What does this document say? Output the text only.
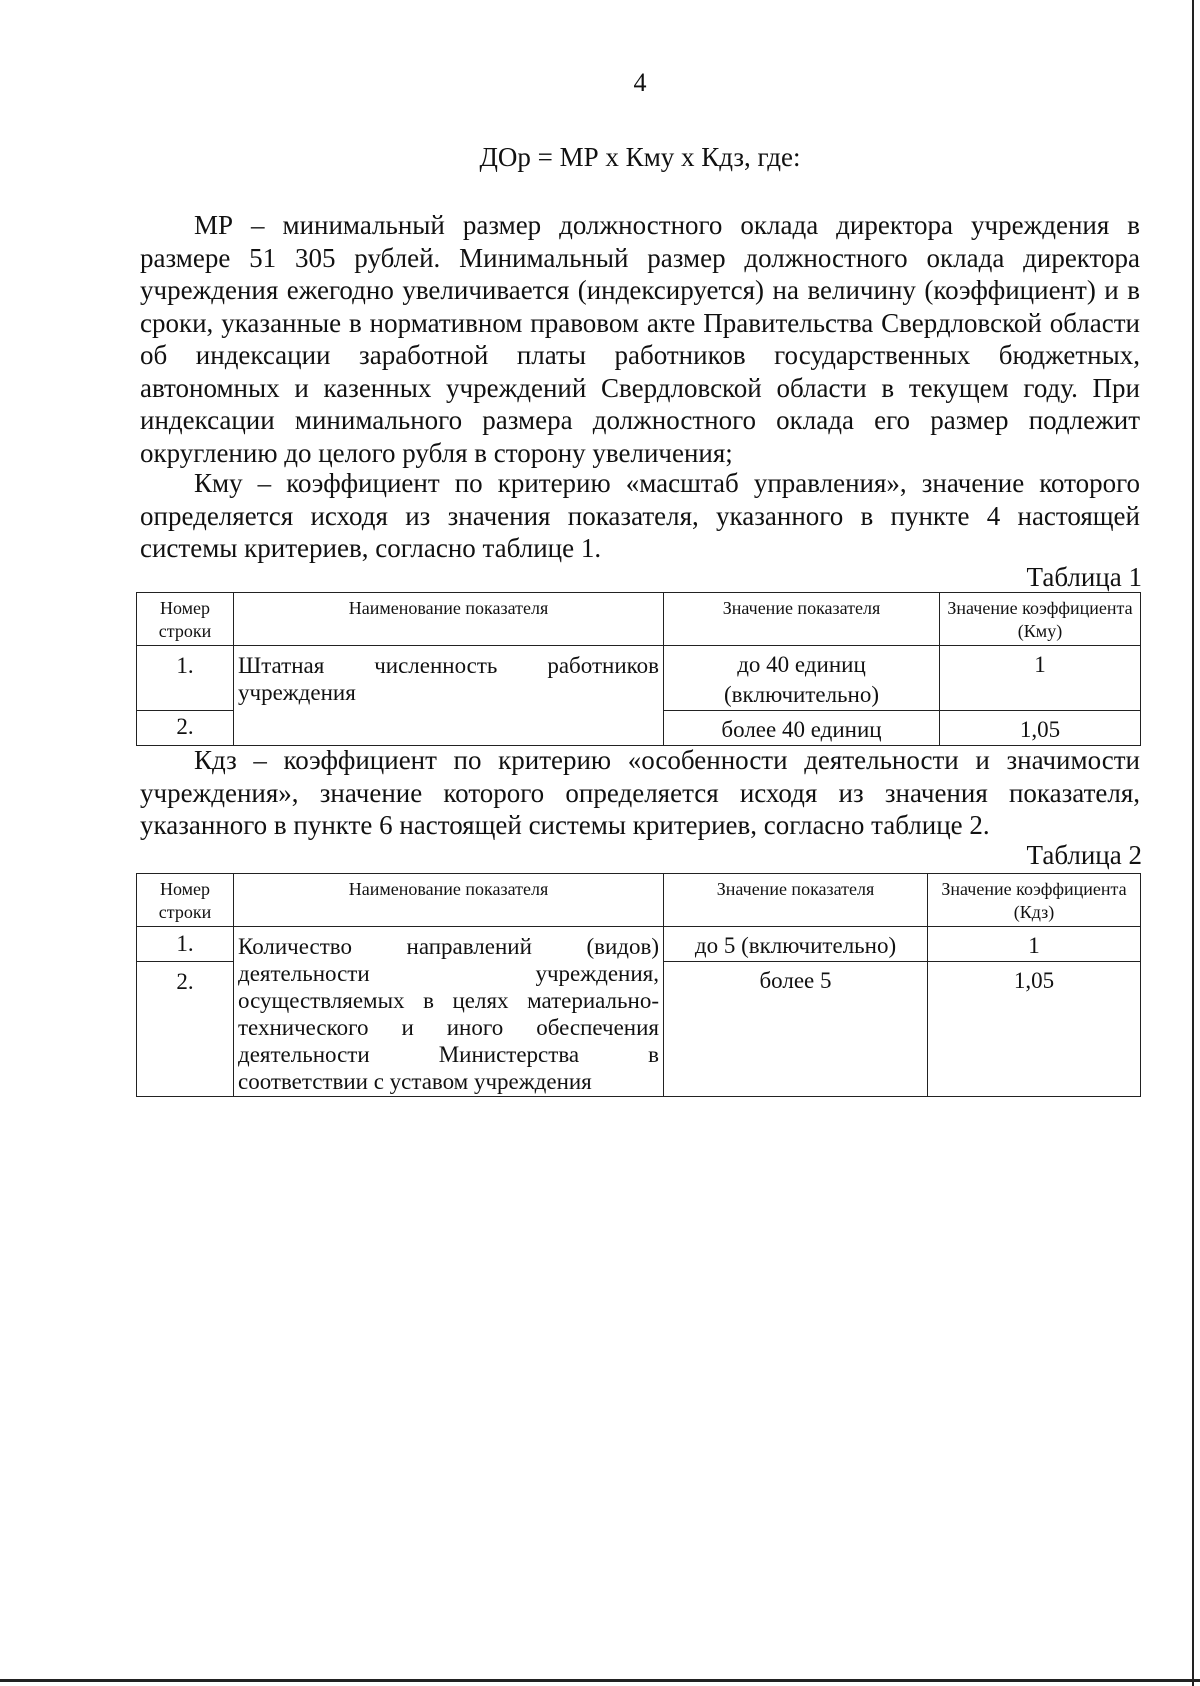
4
ДОр = МР х Кму х Кдз, где:

МР – минимальный размер должностного оклада директора учреждения в размере 51 305 рублей. Минимальный размер должностного оклада директора учреждения ежегодно увеличивается (индексируется) на величину (коэффициент) и в сроки, указанные в нормативном правовом акте Правительства Свердловской области об индексации заработной платы работников государственных бюджетных, автономных и казенных учреждений Свердловской области в текущем году. При индексации минимального размера должностного оклада его размер подлежит округлению до целого рубля в сторону увеличения;

Кму – коэффициент по критерию «масштаб управления», значение которого определяется исходя из значения показателя, указанного в пункте 4 настоящей системы критериев, согласно таблице 1.

Таблица 1
Номер строки	Наименование показателя	Значение показателя	Значение коэффициента (Кму)
1.	Штатная численность работников учреждения	до 40 единиц (включительно)	1
2.		более 40 единиц	1,05

Кдз – коэффициент по критерию «особенности деятельности и значимости учреждения», значение которого определяется исходя из значения показателя, указанного в пункте 6 настоящей системы критериев, согласно таблице 2.

Таблица 2
Номер строки	Наименование показателя	Значение показателя	Значение коэффициента (Кдз)
1.	Количество направлений (видов) деятельности учреждения, осуществляемых в целях материально-технического и иного обеспечения деятельности Министерства в соответствии с уставом учреждения	до 5 (включительно)	1
2.		более 5	1,05
